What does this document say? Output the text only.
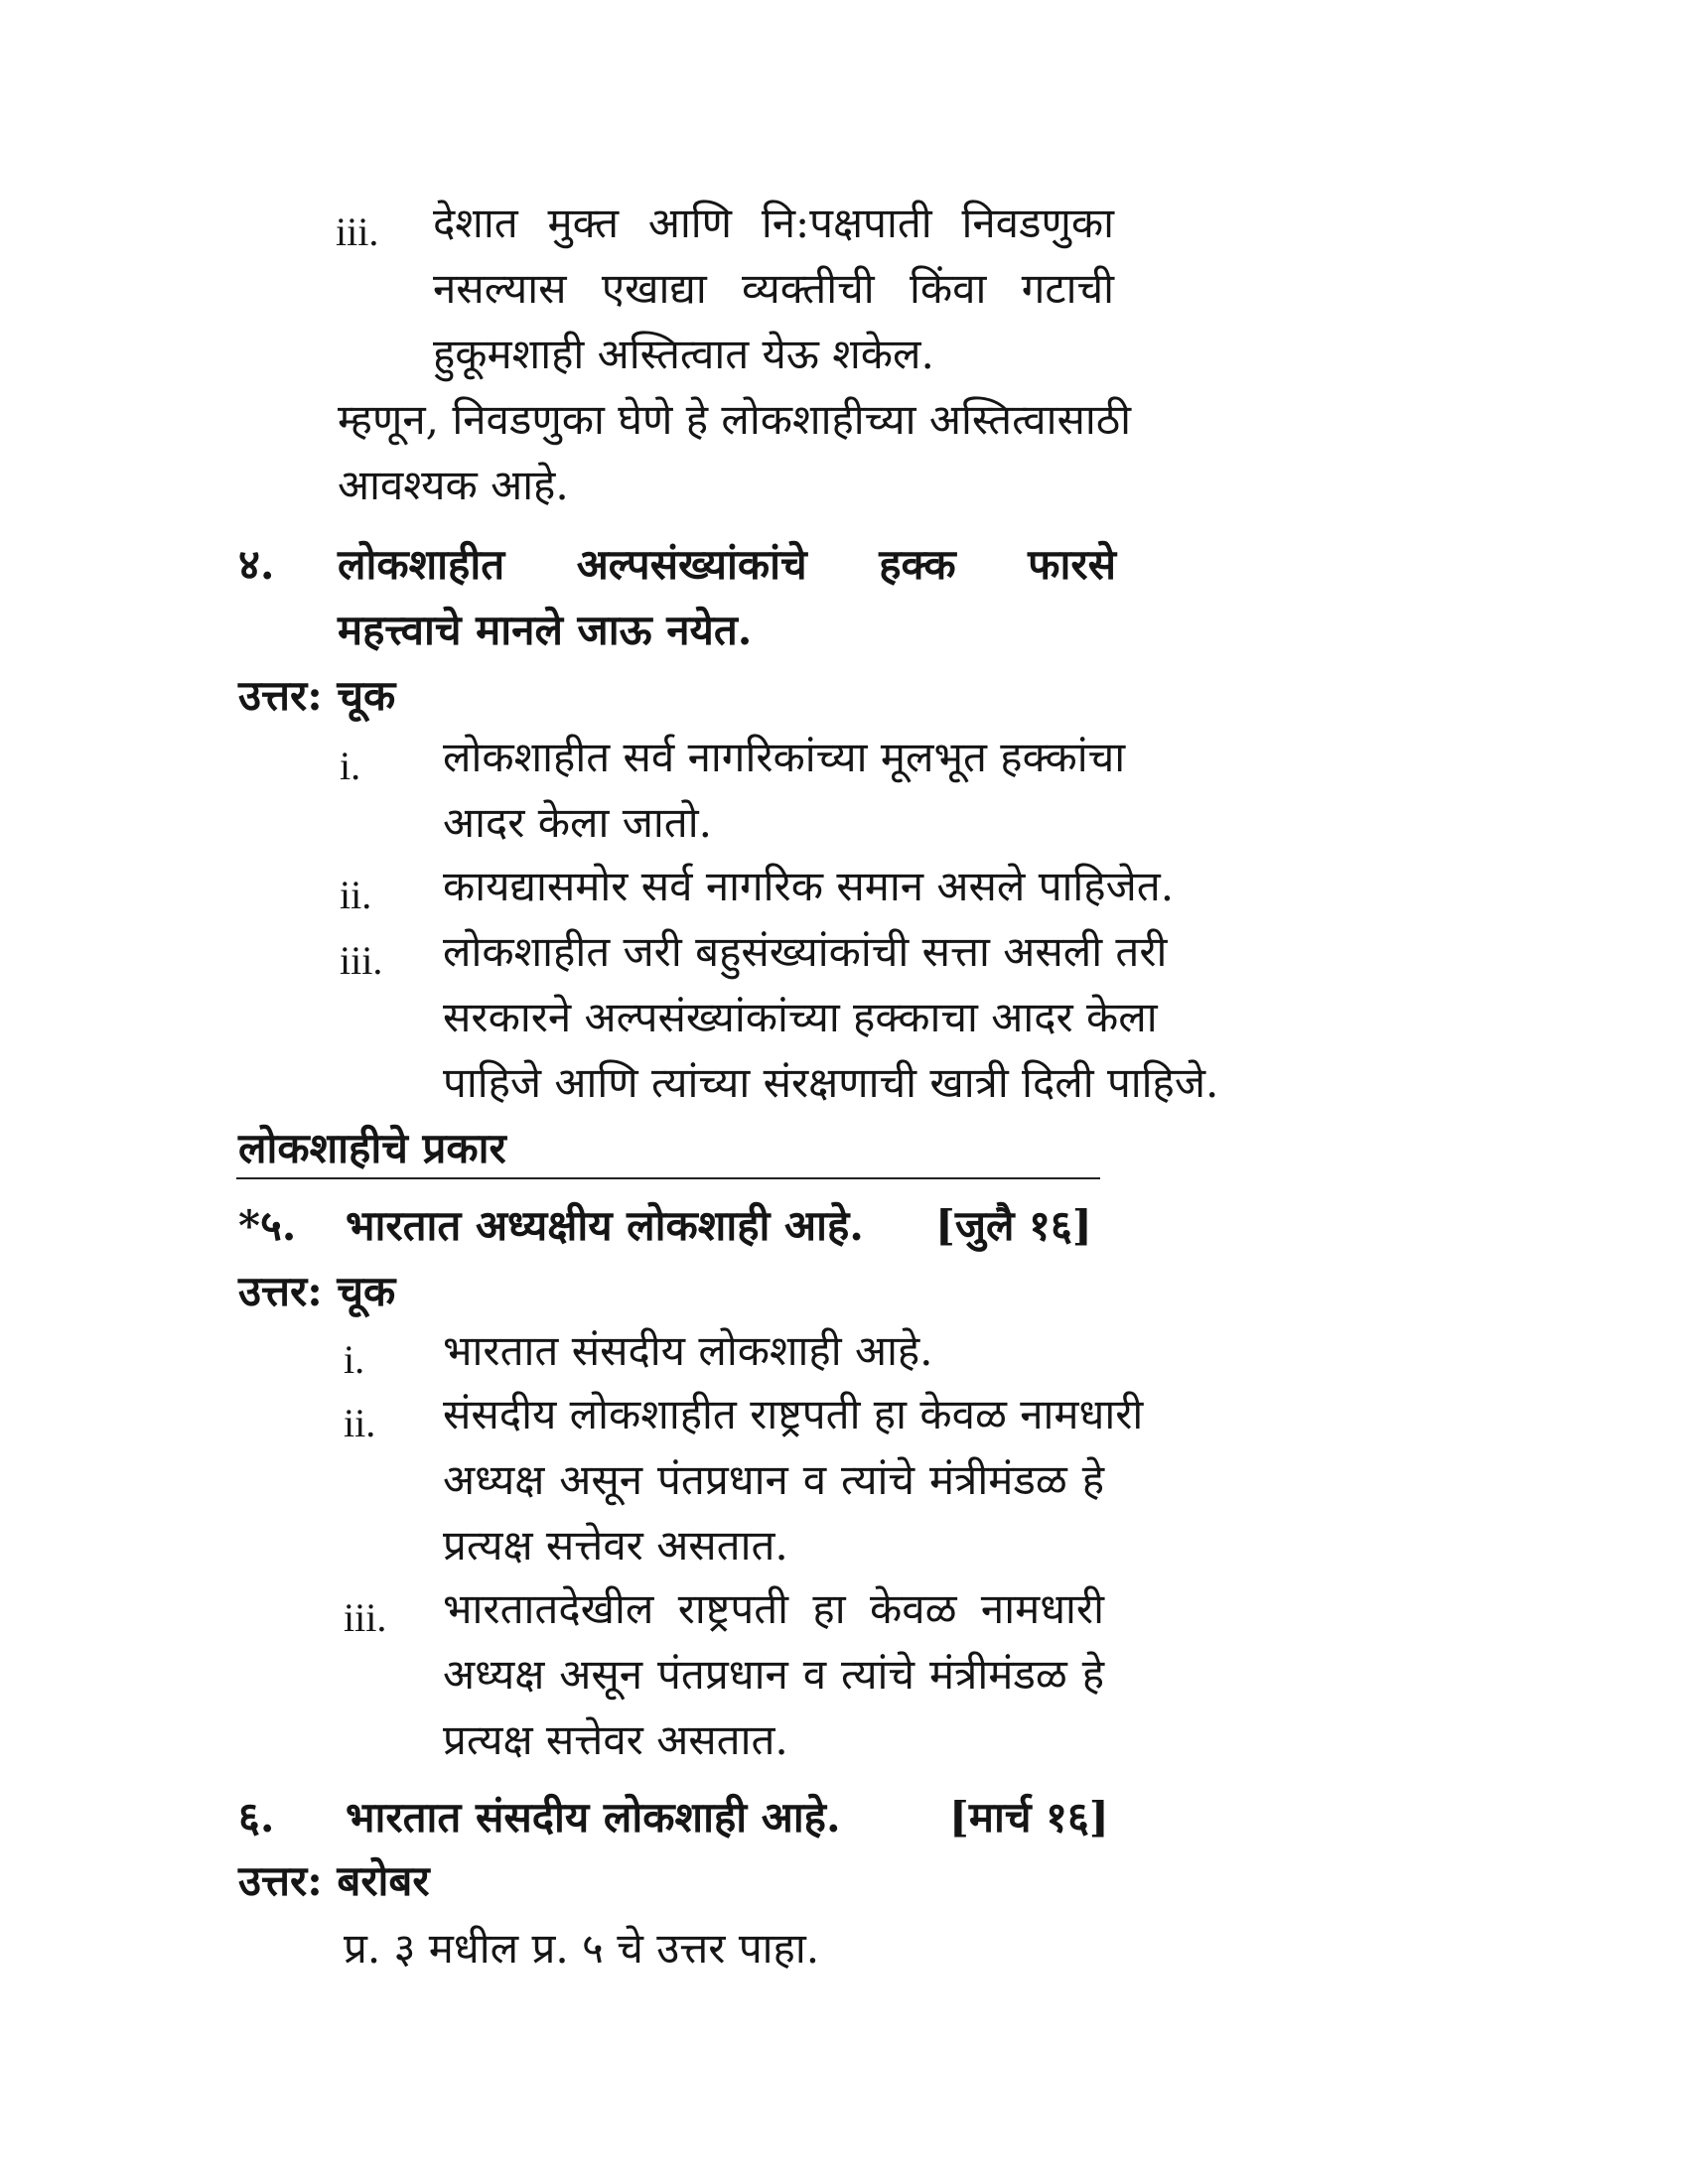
iii. देशात मुक्त आणि नि:पक्षपाती निवडणुका
नसल्यास एखाद्या व्यक्तीची किंवा गटाची
हुकूमशाही अस्तित्वात येऊ शकेल.
म्हणून, निवडणुका घेणे हे लोकशाहीच्या अस्तित्वासाठी
आवश्यक आहे.
४. लोकशाहीत अल्पसंख्यांकांचे हक्क फारसे
महत्त्वाचे मानले जाऊ नयेत.
उत्तर: चूक
i. लोकशाहीत सर्व नागरिकांच्या मूलभूत हक्कांचा
आदर केला जातो.
ii. कायद्यासमोर सर्व नागरिक समान असले पाहिजेत.
iii. लोकशाहीत जरी बहुसंख्यांकांची सत्ता असली तरी
सरकारने अल्पसंख्यांकांच्या हक्काचा आदर केला
पाहिजे आणि त्यांच्या संरक्षणाची खात्री दिली पाहिजे.
लोकशाहीचे प्रकार
*५. भारतात अध्यक्षीय लोकशाही आहे. [जुलै १६]
उत्तर: चूक
i. भारतात संसदीय लोकशाही आहे.
ii. संसदीय लोकशाहीत राष्ट्रपती हा केवळ नामधारी
अध्यक्ष असून पंतप्रधान व त्यांचे मंत्रीमंडळ हे
प्रत्यक्ष सत्तेवर असतात.
iii. भारतातदेखील राष्ट्रपती हा केवळ नामधारी
अध्यक्ष असून पंतप्रधान व त्यांचे मंत्रीमंडळ हे
प्रत्यक्ष सत्तेवर असतात.
६. भारतात संसदीय लोकशाही आहे.	[मार्च १६]
उत्तर: बरोबर
प्र. ३ मधील प्र. ५ चे उत्तर पाहा.
